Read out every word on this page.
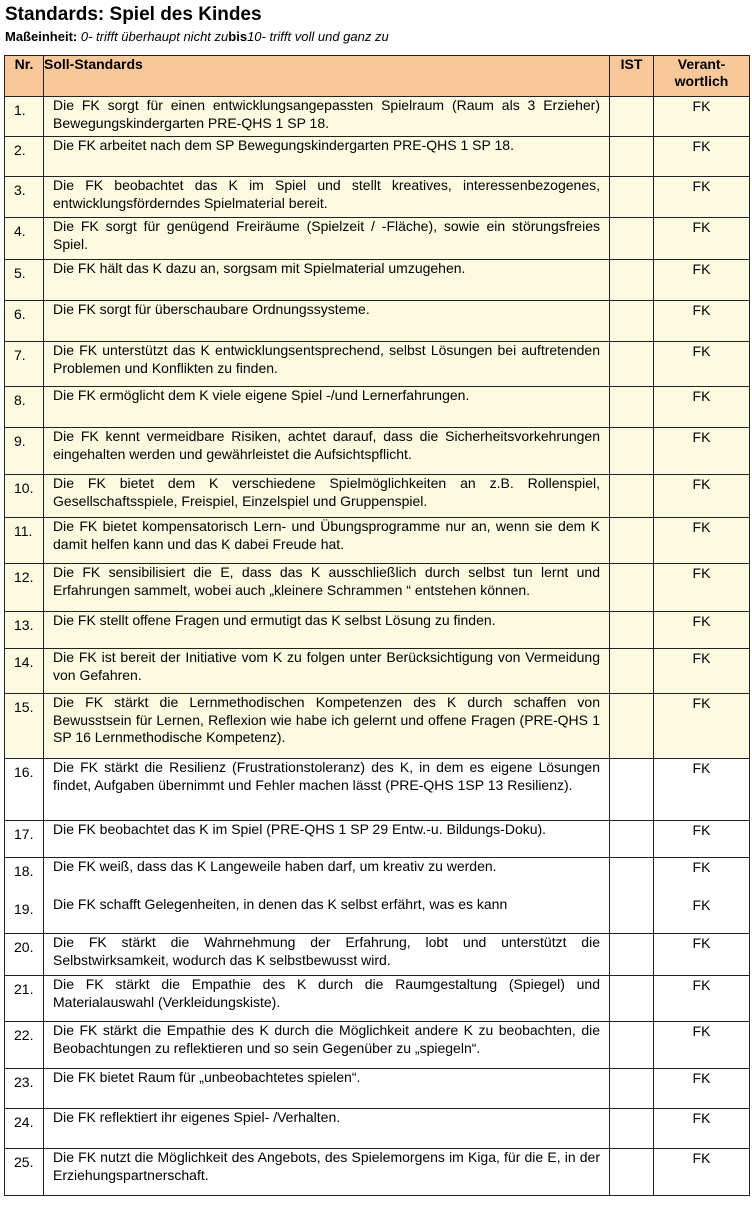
Standards: Spiel des Kindes
Maßeinheit: 0- trifft überhaupt nicht zubis10- trifft voll und ganz zu
Nr.	Soll-Standards	IST	Verant-
wortlich
1.	Die FK sorgt für einen entwicklungsangepassten Spielraum (Raum als 3 Erzieher) Bewegungskindergarten PRE-QHS 1 SP 18.		FK
2.	Die FK arbeitet nach dem SP Bewegungskindergarten PRE-QHS 1 SP 18.		FK
3.	Die FK beobachtet das K im Spiel und stellt kreatives, interessenbezogenes, entwicklungsförderndes Spielmaterial bereit.		FK
4.	Die FK sorgt für genügend Freiräume (Spielzeit / -Fläche), sowie ein störungsfreies Spiel.		FK
5.	Die FK hält das K dazu an, sorgsam mit Spielmaterial umzugehen.		FK
6.	Die FK sorgt für überschaubare Ordnungssysteme.		FK
7.	Die FK unterstützt das K entwicklungsentsprechend, selbst Lösungen bei auftretenden Problemen und Konflikten zu finden.		FK
8.	Die FK ermöglicht dem K viele eigene Spiel -/und Lernerfahrungen.		FK
9.	Die FK kennt vermeidbare Risiken, achtet darauf, dass die Sicherheitsvorkehrungen eingehalten werden und gewährleistet die Aufsichtspflicht.		FK
10.	Die FK bietet dem K verschiedene Spielmöglichkeiten an z.B. Rollenspiel, Gesellschaftsspiele, Freispiel, Einzelspiel und Gruppenspiel.		FK
11.	Die FK bietet kompensatorisch Lern- und Übungsprogramme nur an, wenn sie dem K damit helfen kann und das K dabei Freude hat.		FK
12.	Die FK sensibilisiert die E, dass das K ausschließlich durch selbst tun lernt und Erfahrungen sammelt, wobei auch „kleinere Schrammen “ entstehen können.		FK
13.	Die FK stellt offene Fragen und ermutigt das K selbst Lösung zu finden.		FK
14.	Die FK ist bereit der Initiative vom K zu folgen unter Berücksichtigung von Vermeidung von Gefahren.		FK
15.	Die FK stärkt die Lernmethodischen Kompetenzen des K durch schaffen von Bewusstsein für Lernen, Reflexion wie habe ich gelernt und offene Fragen (PRE-QHS 1 SP 16 Lernmethodische Kompetenz).		FK
16.	Die FK stärkt die Resilienz (Frustrationstoleranz) des K, in dem es eigene Lösungen findet, Aufgaben übernimmt und Fehler machen lässt (PRE-QHS 1SP 13 Resilienz).		FK
17.	Die FK beobachtet das K im Spiel (PRE-QHS 1 SP 29 Entw.-u. Bildungs-Doku).		FK
18.	Die FK weiß, dass das K Langeweile haben darf, um kreativ zu werden.		FK
19.	Die FK schafft Gelegenheiten, in denen das K selbst erfährt, was es kann		FK
20.	Die FK stärkt die Wahrnehmung der Erfahrung, lobt und unterstützt die Selbstwirksamkeit, wodurch das K selbstbewusst wird.		FK
21.	Die FK stärkt die Empathie des K durch die Raumgestaltung (Spiegel) und Materialauswahl (Verkleidungskiste).		FK
22.	Die FK stärkt die Empathie des K durch die Möglichkeit andere K zu beobachten, die Beobachtungen zu reflektieren und so sein Gegenüber zu „spiegeln“.		FK
23.	Die FK bietet Raum für „unbeobachtetes spielen“.		FK
24.	Die FK reflektiert ihr eigenes Spiel- /Verhalten.		FK
25.	Die FK nutzt die Möglichkeit des Angebots, des Spielemorgens im Kiga, für die E, in der Erziehungspartnerschaft.		FK
